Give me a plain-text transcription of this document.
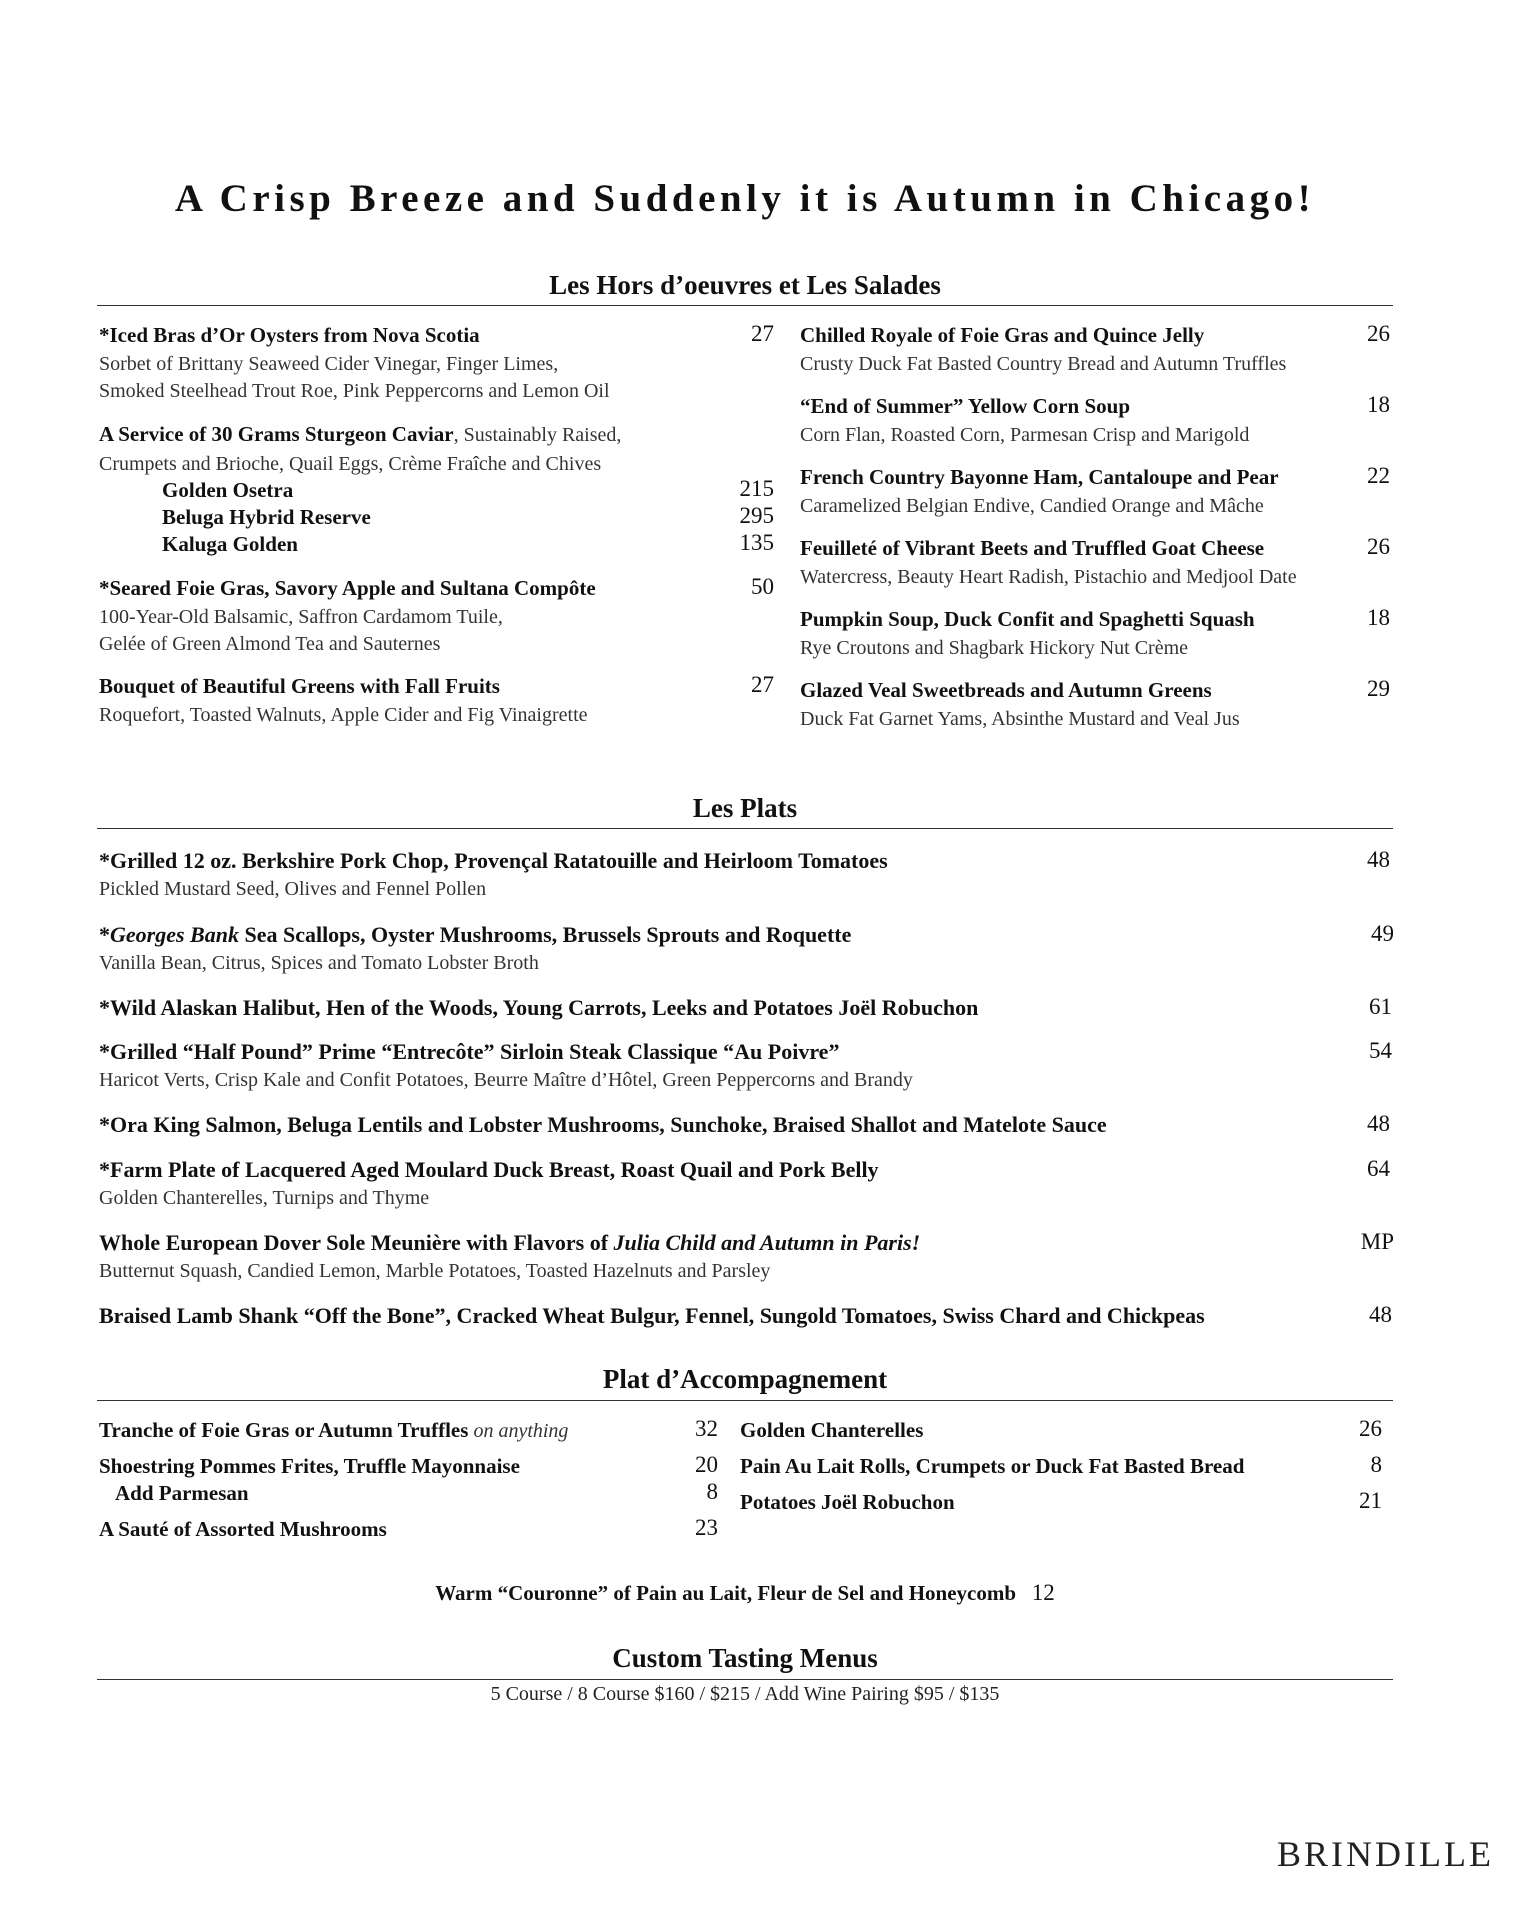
A Crisp Breeze and Suddenly it is Autumn in Chicago!
Les Hors d’oeuvres et Les Salades
*Iced Bras d’Or Oysters from Nova Scotia	27
Sorbet of Brittany Seaweed Cider Vinegar, Finger Limes,
Smoked Steelhead Trout Roe, Pink Peppercorns and Lemon Oil
A Service of 30 Grams Sturgeon Caviar, Sustainably Raised,
Crumpets and Brioche, Quail Eggs, Crème Fraîche and Chives
Golden Osetra	215
Beluga Hybrid Reserve	295
Kaluga Golden	135
*Seared Foie Gras, Savory Apple and Sultana Compôte	50
100-Year-Old Balsamic, Saffron Cardamom Tuile,
Gelée of Green Almond Tea and Sauternes
Bouquet of Beautiful Greens with Fall Fruits	27
Roquefort, Toasted Walnuts, Apple Cider and Fig Vinaigrette
Chilled Royale of Foie Gras and Quince Jelly	26
Crusty Duck Fat Basted Country Bread and Autumn Truffles
“End of Summer” Yellow Corn Soup	18
Corn Flan, Roasted Corn, Parmesan Crisp and Marigold
French Country Bayonne Ham, Cantaloupe and Pear	22
Caramelized Belgian Endive, Candied Orange and Mâche
Feuilleté of Vibrant Beets and Truffled Goat Cheese	26
Watercress, Beauty Heart Radish, Pistachio and Medjool Date
Pumpkin Soup, Duck Confit and Spaghetti Squash	18
Rye Croutons and Shagbark Hickory Nut Crème
Glazed Veal Sweetbreads and Autumn Greens	29
Duck Fat Garnet Yams, Absinthe Mustard and Veal Jus
Les Plats
*Grilled 12 oz. Berkshire Pork Chop, Provençal Ratatouille and Heirloom Tomatoes	48
Pickled Mustard Seed, Olives and Fennel Pollen
*Georges Bank Sea Scallops, Oyster Mushrooms, Brussels Sprouts and Roquette	49
Vanilla Bean, Citrus, Spices and Tomato Lobster Broth
*Wild Alaskan Halibut, Hen of the Woods, Young Carrots, Leeks and Potatoes Joël Robuchon	61
*Grilled “Half Pound” Prime “Entrecôte” Sirloin Steak Classique “Au Poivre”	54
Haricot Verts, Crisp Kale and Confit Potatoes, Beurre Maître d’Hôtel, Green Peppercorns and Brandy
*Ora King Salmon, Beluga Lentils and Lobster Mushrooms, Sunchoke, Braised Shallot and Matelote Sauce	48
*Farm Plate of Lacquered Aged Moulard Duck Breast, Roast Quail and Pork Belly	64
Golden Chanterelles, Turnips and Thyme
Whole European Dover Sole Meunière with Flavors of Julia Child and Autumn in Paris!	MP
Butternut Squash, Candied Lemon, Marble Potatoes, Toasted Hazelnuts and Parsley
Braised Lamb Shank “Off the Bone”, Cracked Wheat Bulgur, Fennel, Sungold Tomatoes, Swiss Chard and Chickpeas	48
Plat d’Accompagnement
Tranche of Foie Gras or Autumn Truffles on anything	32
Shoestring Pommes Frites, Truffle Mayonnaise	20
Add Parmesan	8
A Sauté of Assorted Mushrooms	23
Golden Chanterelles	26
Pain Au Lait Rolls, Crumpets or Duck Fat Basted Bread	8
Potatoes Joël Robuchon	21
Warm “Couronne” of Pain au Lait, Fleur de Sel and Honeycomb 12
Custom Tasting Menus
5 Course / 8 Course $160 / $215 / Add Wine Pairing $95 / $135
BRINDILLE
